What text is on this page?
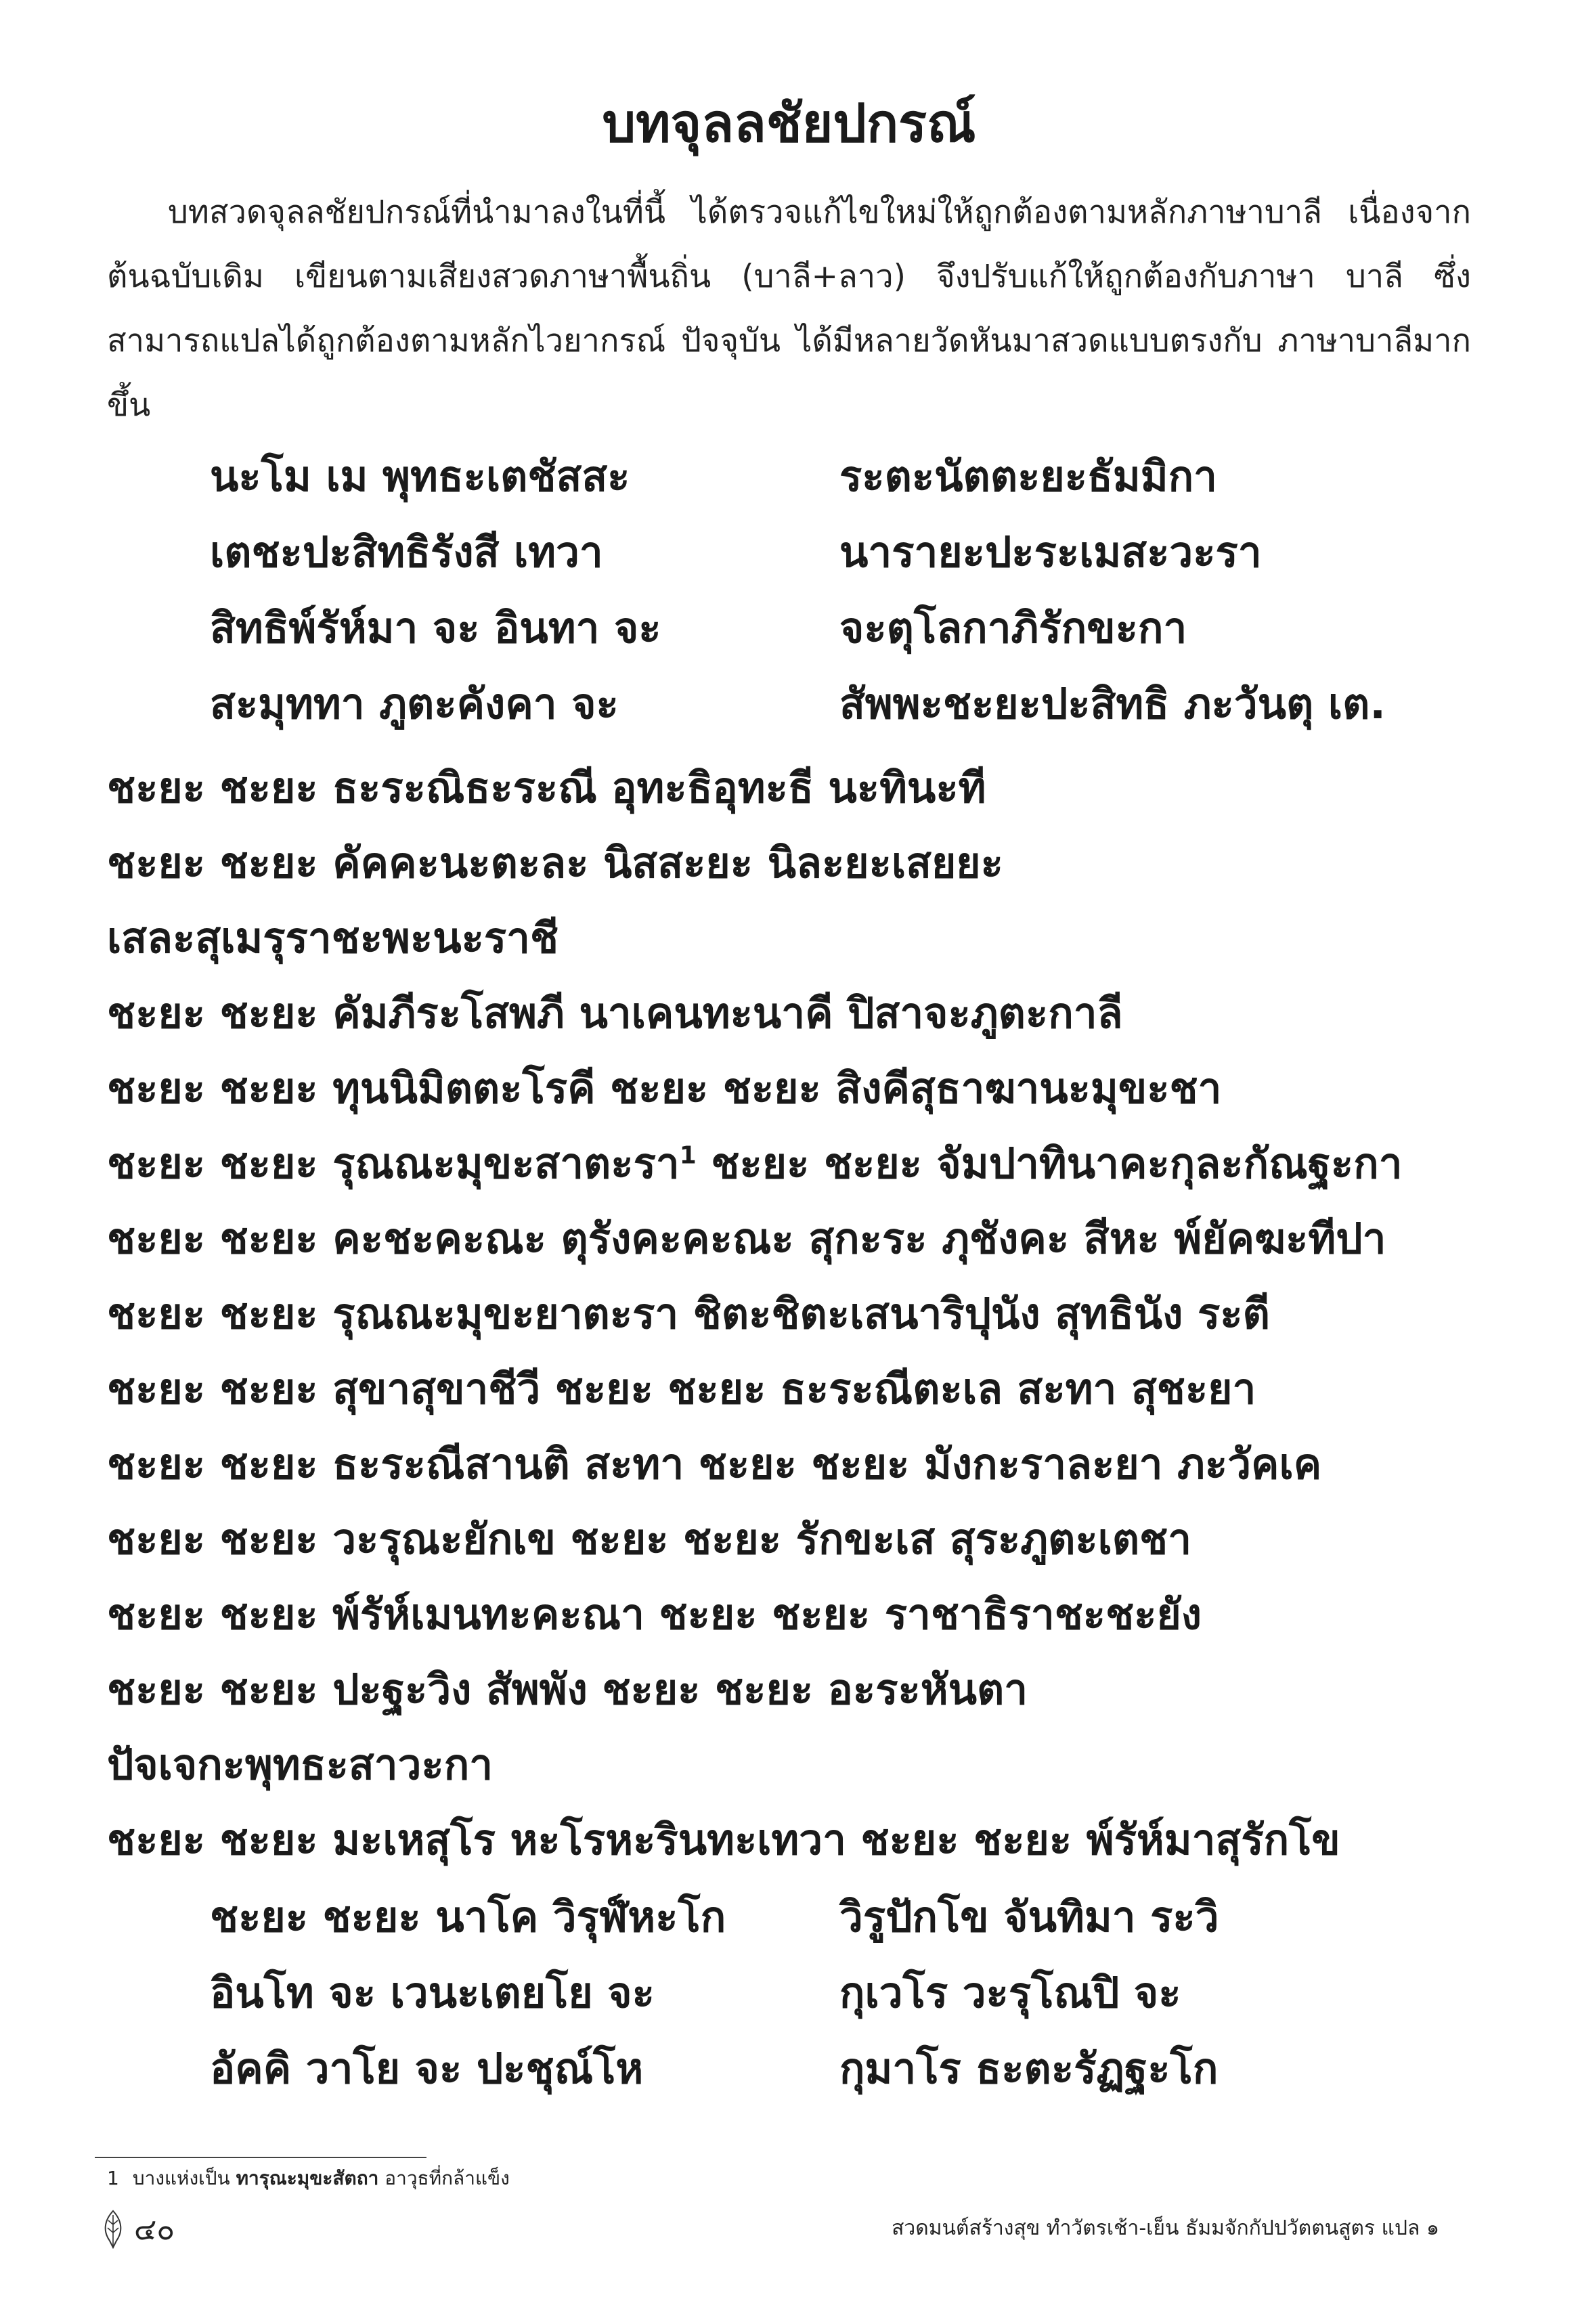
บทจุลลชัยปกรณ์
บทสวดจุลลชัยปกรณ์ที่นำมาลงในที่นี้ ได้ตรวจแก้ไขใหม่ให้ถูกต้องตามหลักภาษาบาลี เนื่องจากต้นฉบับเดิม เขียนตามเสียงสวดภาษาพื้นถิ่น (บาลี+ลาว) จึงปรับแก้ให้ถูกต้องกับภาษา บาลี ซึ่งสามารถแปลได้ถูกต้องตามหลักไวยากรณ์ ปัจจุบัน ได้มีหลายวัดหันมาสวดแบบตรงกับ ภาษาบาลีมากขึ้น
นะโม เม พุทธะเตชัสสะ	ระตะนัตตะยะธัมมิกา
เตชะปะสิทธิรังสี เทวา	นารายะปะระเมสะวะรา
สิทธิพ์รัห์มา จะ อินทา จะ	จะตุโลกาภิรักขะกา
สะมุททา ภูตะคังคา จะ	สัพพะชะยะปะสิทธิ ภะวันตุ เต.
ชะยะ ชะยะ ธะระณิธะระณี อุทะธิอุทะธี นะทินะที
ชะยะ ชะยะ คัคคะนะตะละ นิสสะยะ นิละยะเสยยะ
เสละสุเมรุราชะพะนะราชี
ชะยะ ชะยะ คัมภีระโสพภี นาเคนทะนาคี ปิสาจะภูตะกาลี
ชะยะ ชะยะ ทุนนิมิตตะโรคี ชะยะ ชะยะ สิงคีสุธาฆานะมุขะชา
ชะยะ ชะยะ รุณณะมุขะสาตะรา$^1$ ชะยะ ชะยะ จัมปาทินาคะกุละกัณฐะกา
ชะยะ ชะยะ คะชะคะณะ ตุรังคะคะณะ สุกะระ ภุชังคะ สีหะ พ์ยัคฆะทีปา
ชะยะ ชะยะ รุณณะมุขะยาตะรา ชิตะชิตะเสนาริปุนัง สุทธินัง ระตี
ชะยะ ชะยะ สุขาสุขาชีวี ชะยะ ชะยะ ธะระณีตะเล สะทา สุชะยา
ชะยะ ชะยะ ธะระณีสานติ สะทา ชะยะ ชะยะ มังกะราละยา ภะวัคเค
ชะยะ ชะยะ วะรุณะยักเข ชะยะ ชะยะ รักขะเส สุระภูตะเตชา
ชะยะ ชะยะ พ์รัห์เมนทะคะณา ชะยะ ชะยะ ราชาธิราชะชะยัง
ชะยะ ชะยะ ปะฐะวิง สัพพัง ชะยะ ชะยะ อะระหันตา
ปัจเจกะพุทธะสาวะกา
ชะยะ ชะยะ มะเหสุโร หะโรหะรินทะเทวา ชะยะ ชะยะ พ์รัห์มาสุรักโข
ชะยะ ชะยะ นาโค วิรุฬ์หะโก	วิรูปักโข จันทิมา ระวิ
อินโท จะ เวนะเตยโย จะ	กุเวโร วะรุโณปิ จะ
อัคคิ วาโย จะ ปะชุณ์โห	กุมาโร ธะตะรัฏฐะโก
1 บางแห่งเป็น ทารุณะมุขะสัตถา อาวุธที่กล้าแข็ง
๔๐	สวดมนต์สร้างสุข ทำวัตรเช้า-เย็น ธัมมจักกัปปวัตตนสูตร แปล ๑
